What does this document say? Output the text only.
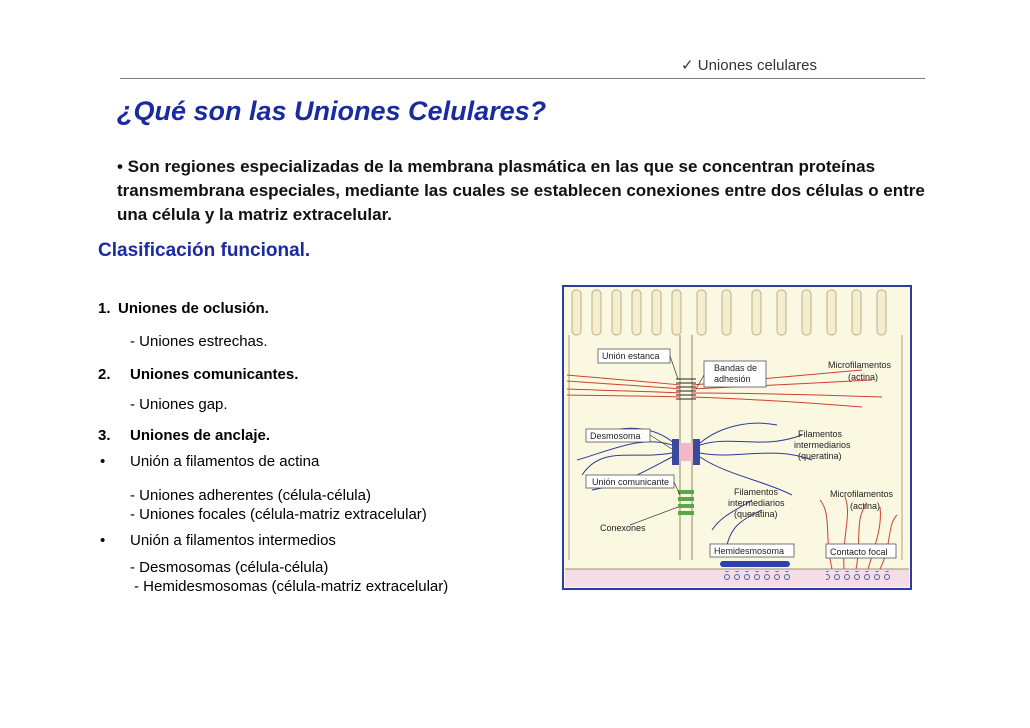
✓ Uniones celulares
¿Qué son las Uniones Celulares?

• Son regiones especializadas de la membrana plasmática en las que se concentran proteínas transmembrana especiales, mediante las cuales se establecen conexiones entre dos células o entre una célula y la matriz extracelular.

Clasificación funcional.
1. Uniones de oclusión.
- Uniones estrechas.
2. Uniones comunicantes.
- Uniones gap.
3. Uniones de anclaje.
• Unión a filamentos de actina
- Uniones adherentes (célula-célula)
- Uniones focales (célula-matriz extracelular)
• Unión a filamentos intermedios
- Desmosomas (célula-célula)
- Hemidesmosomas (célula-matriz extracelular)
Unión estanca
Bandas de
adhesión
Microfilamentos
(actina)
Desmosoma	Filamentos
intermediarios
(queratina)
Unión comunicante
Conexones
Filamentos
intermediarios
(queratina)
Microfilamentos
(actina)
Hemidesmosoma	Contacto focal
